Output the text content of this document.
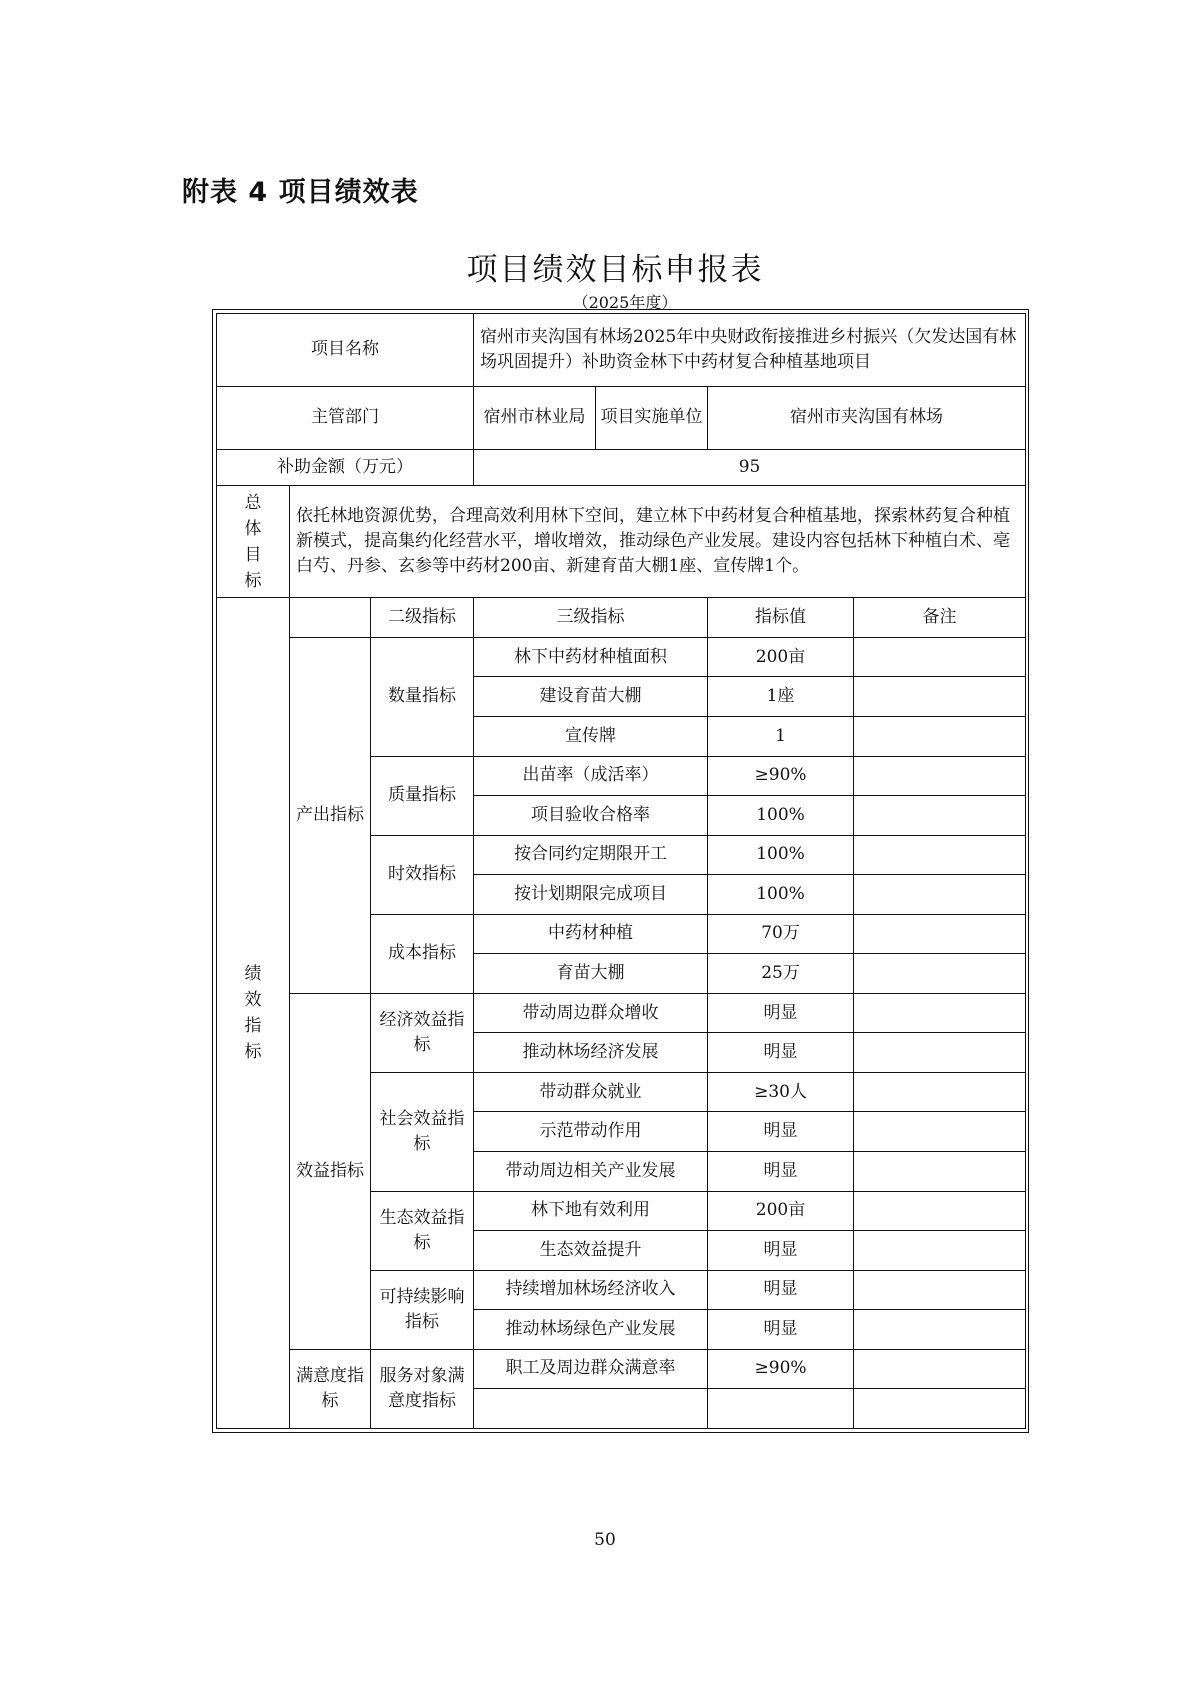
附表 4 项目绩效表
项目绩效目标申报表
（2025年度）
项目名称			宿州市夹沟国有林场2025年中央财政衔接推进乡村振兴（欠发达国有林场巩固提升）补助资金林下中药材复合种植基地项目			
主管部门			宿州市林业局	项目实施单位	宿州市夹沟国有林场	
补助金额（万元）			95			
总体目标	依托林地资源优势，合理高效利用林下空间，建立林下中药材复合种植基地，探索林药复合种植新模式，提高集约化经营水平，增收增效，推动绿色产业发展。建设内容包括林下种植白术、亳白芍、丹参、玄参等中药材200亩、新建育苗大棚1座、宣传牌1个。					
绩效指标		二级指标	三级指标		指标值	备注
	产出指标	数量指标	林下中药材种植面积		200亩	
			建设育苗大棚		1座	
			宣传牌		1	
		质量指标	出苗率（成活率）		≥90%	
			项目验收合格率		100%	
		时效指标	按合同约定期限开工		100%	
			按计划期限完成项目		100%	
		成本指标	中药材种植		70万	
			育苗大棚		25万	
	效益指标	经济效益指标	带动周边群众增收		明显	
			推动林场经济发展		明显	
		社会效益指标	带动群众就业		≥30人	
			示范带动作用		明显	
			带动周边相关产业发展		明显	
		生态效益指标	林下地有效利用		200亩	
			生态效益提升		明显	
		可持续影响指标	持续增加林场经济收入		明显	
			推动林场绿色产业发展		明显	
	满意度指标	服务对象满意度指标	职工及周边群众满意率		≥90%	

50
